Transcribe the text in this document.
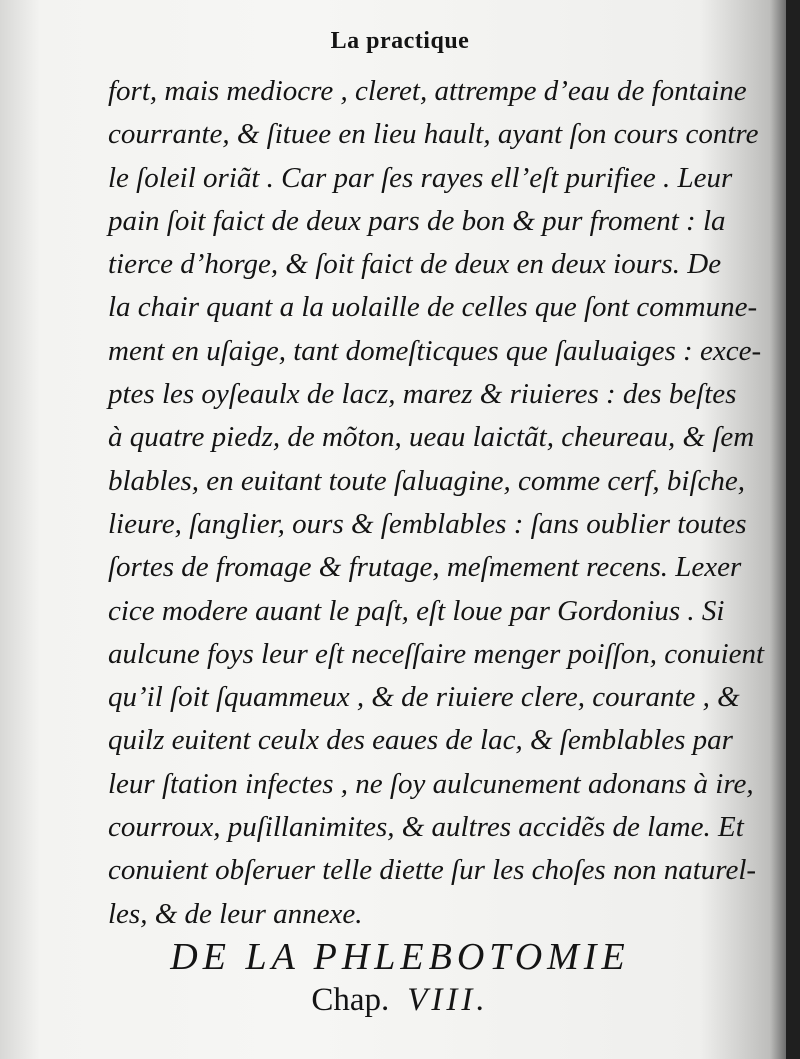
La practique
fort, mais mediocre , cleret, attrempe d’eau de fontaine
courrante, & ſituee en lieu hault, ayant ſon cours contre
le ſoleil oriãt . Car par ſes rayes ell’eſt purifiee . Leur
pain ſoit faict de deux pars de bon & pur froment : la
tierce d’horge, & ſoit faict de deux en deux iours. De
la chair quant a la uolaille de celles que ſont commune-
ment en uſaige, tant domeſticques que ſauluaiges : exce-
ptes les oyſeaulx de lacz, marez & riuieres : des beſtes
à quatre piedz, de mõton, ueau laictãt, cheureau, & ſem
blables, en euitant toute ſaluagine, comme cerf, biſche,
lieure, ſanglier, ours & ſemblables : ſans oublier toutes
ſortes de fromage & frutage, meſmement recens. Lexer
cice modere auant le paſt, eſt loue par Gordonius . Si
aulcune foys leur eſt neceſſaire menger poiſſon, conuient
qu’il ſoit ſquammeux , & de riuiere clere, courante , &
quilz euitent ceulx des eaues de lac, & ſemblables par
leur ſtation infectes , ne ſoy aulcunement adonans à ire,
courroux, puſillanimites, & aultres accidẽs de lame. Et
conuient obſeruer telle diette ſur les choſes non naturel-
les, & de leur annexe.
DE LA PHLEBOTOMIE
Chap. VIII.
